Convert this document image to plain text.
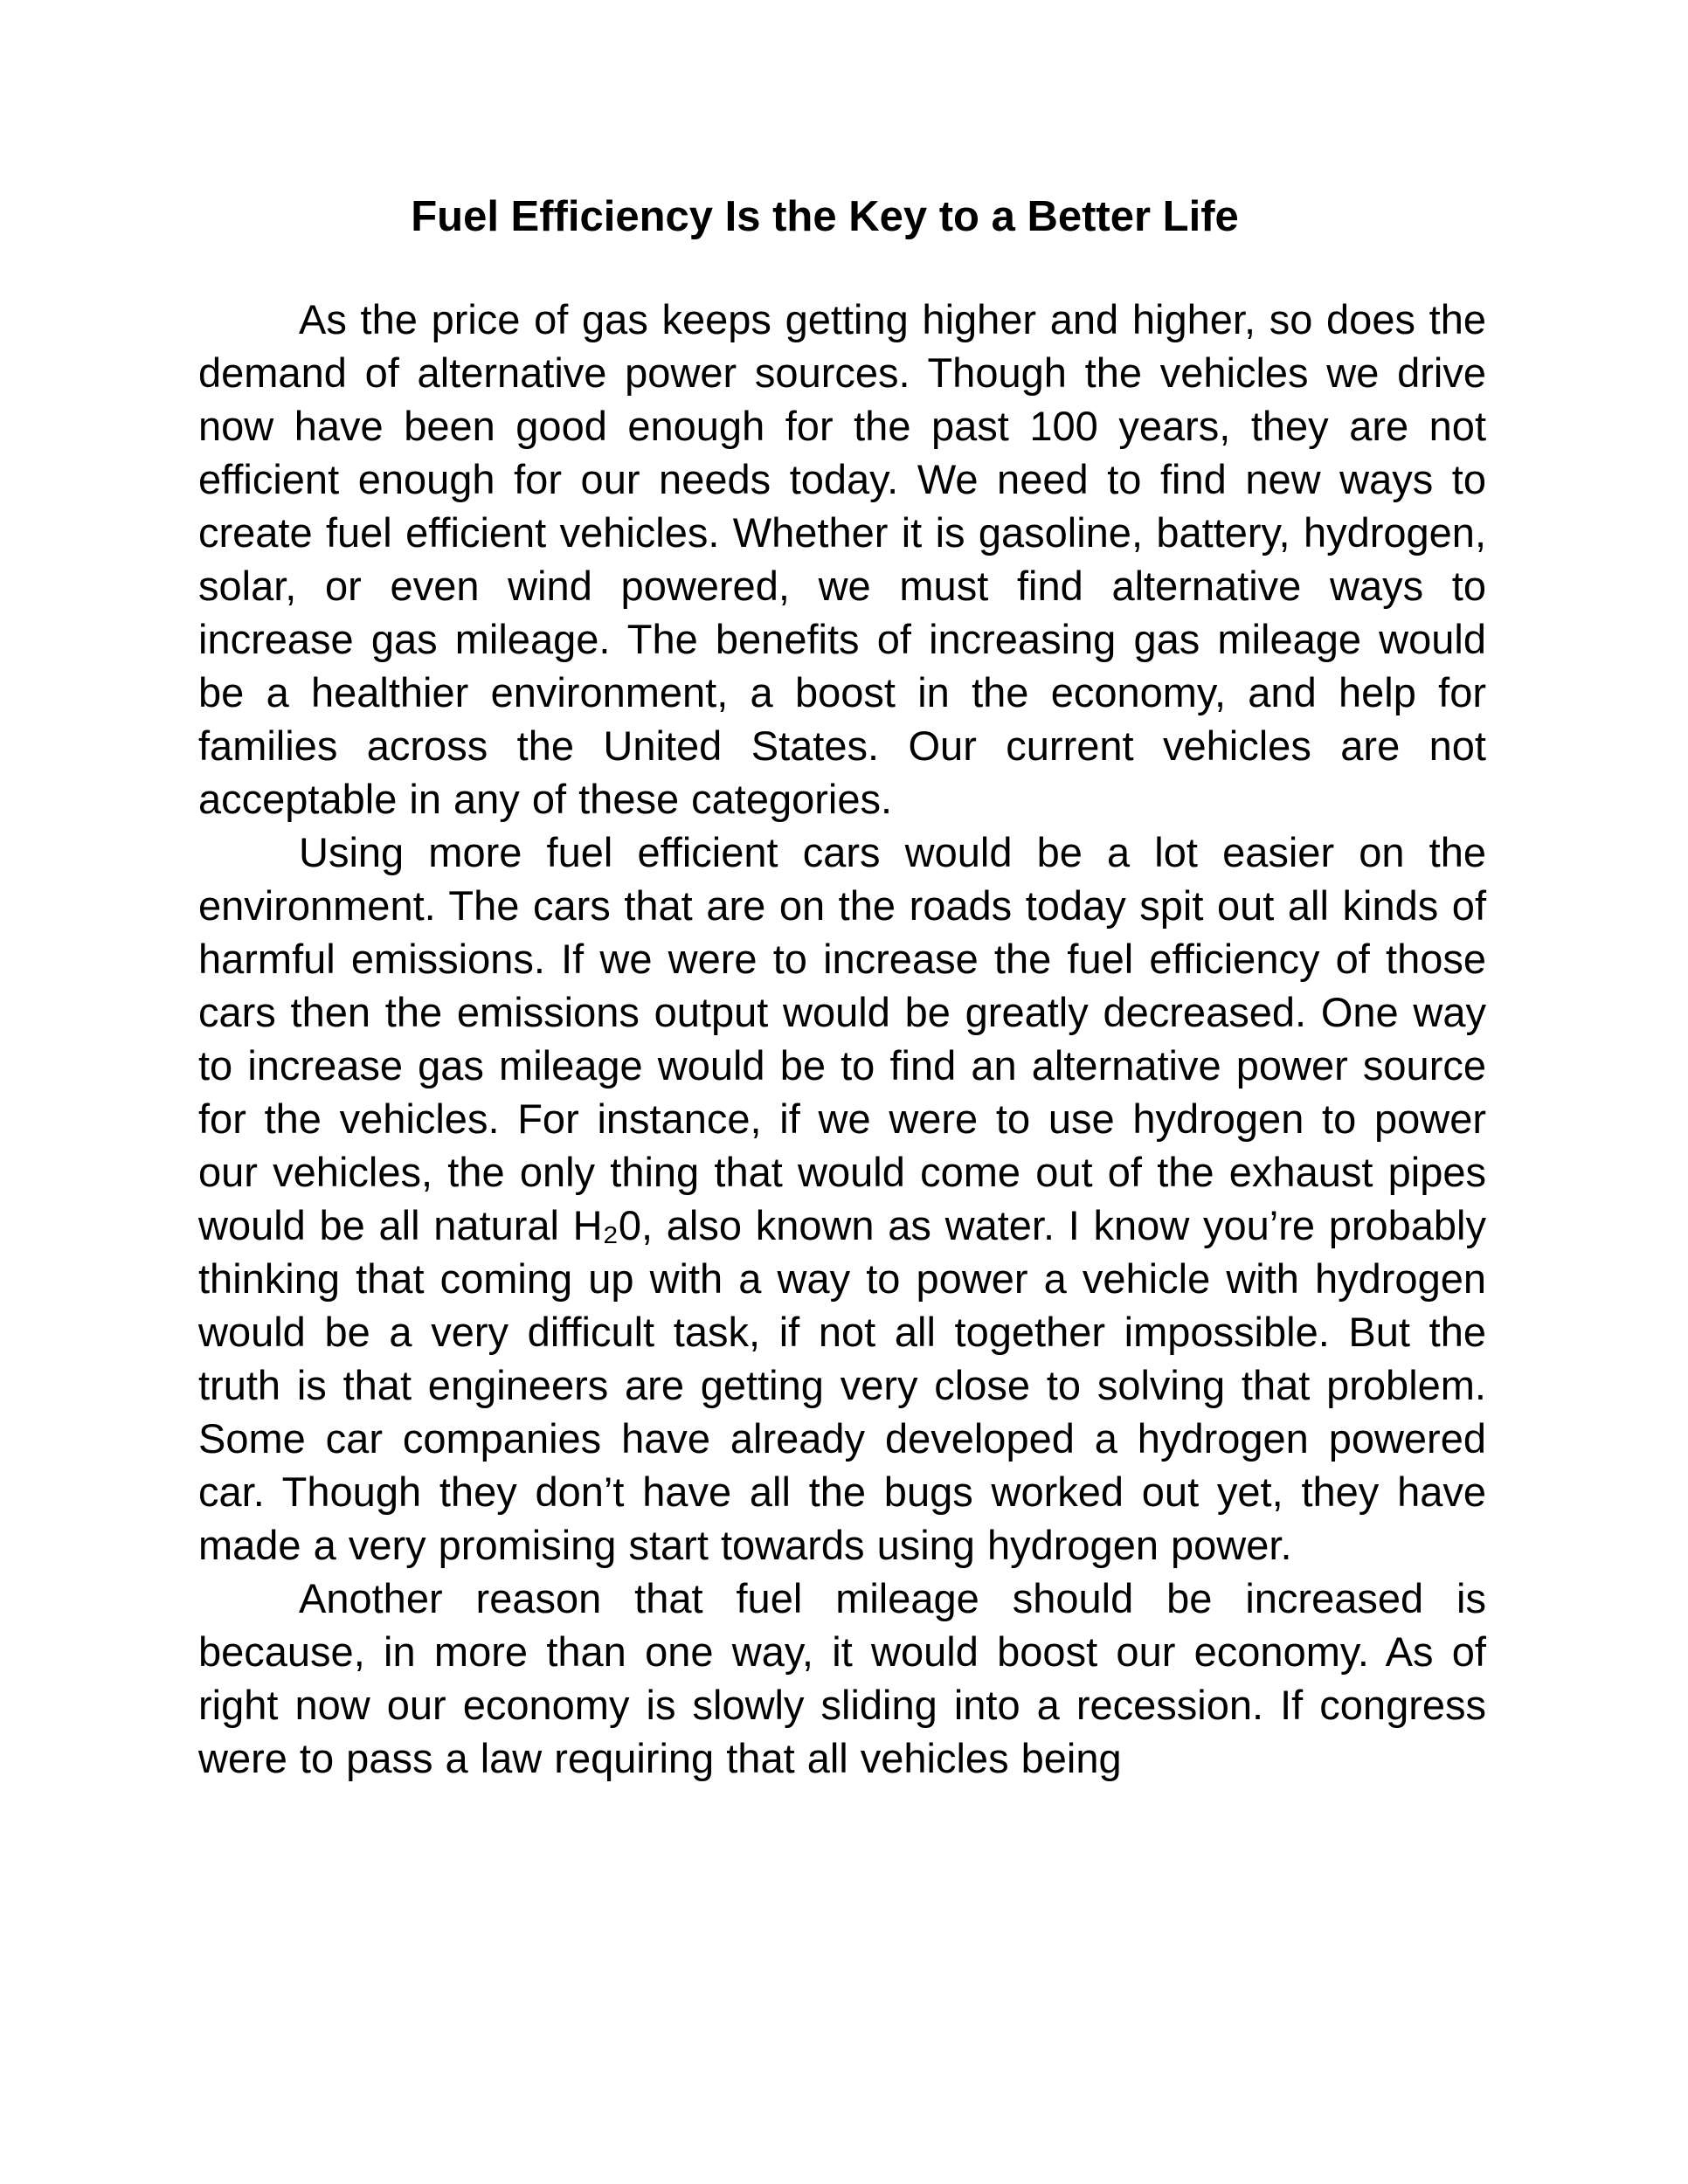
Fuel Efficiency Is the Key to a Better Life

As the price of gas keeps getting higher and higher, so does the demand of alternative power sources. Though the vehicles we drive now have been good enough for the past 100 years, they are not efficient enough for our needs today. We need to find new ways to create fuel efficient vehicles. Whether it is gasoline, battery, hydrogen, solar, or even wind powered, we must find alternative ways to increase gas mileage. The benefits of increasing gas mileage would be a healthier environment, a boost in the economy, and help for families across the United States. Our current vehicles are not acceptable in any of these categories.

Using more fuel efficient cars would be a lot easier on the environment. The cars that are on the roads today spit out all kinds of harmful emissions. If we were to increase the fuel efficiency of those cars then the emissions output would be greatly decreased. One way to increase gas mileage would be to find an alternative power source for the vehicles. For instance, if we were to use hydrogen to power our vehicles, the only thing that would come out of the exhaust pipes would be all natural H₂0, also known as water. I know you’re probably thinking that coming up with a way to power a vehicle with hydrogen would be a very difficult task, if not all together impossible. But the truth is that engineers are getting very close to solving that problem. Some car companies have already developed a hydrogen powered car. Though they don’t have all the bugs worked out yet, they have made a very promising start towards using hydrogen power.

Another reason that fuel mileage should be increased is because, in more than one way, it would boost our economy. As of right now our economy is slowly sliding into a recession. If congress were to pass a law requiring that all vehicles being
